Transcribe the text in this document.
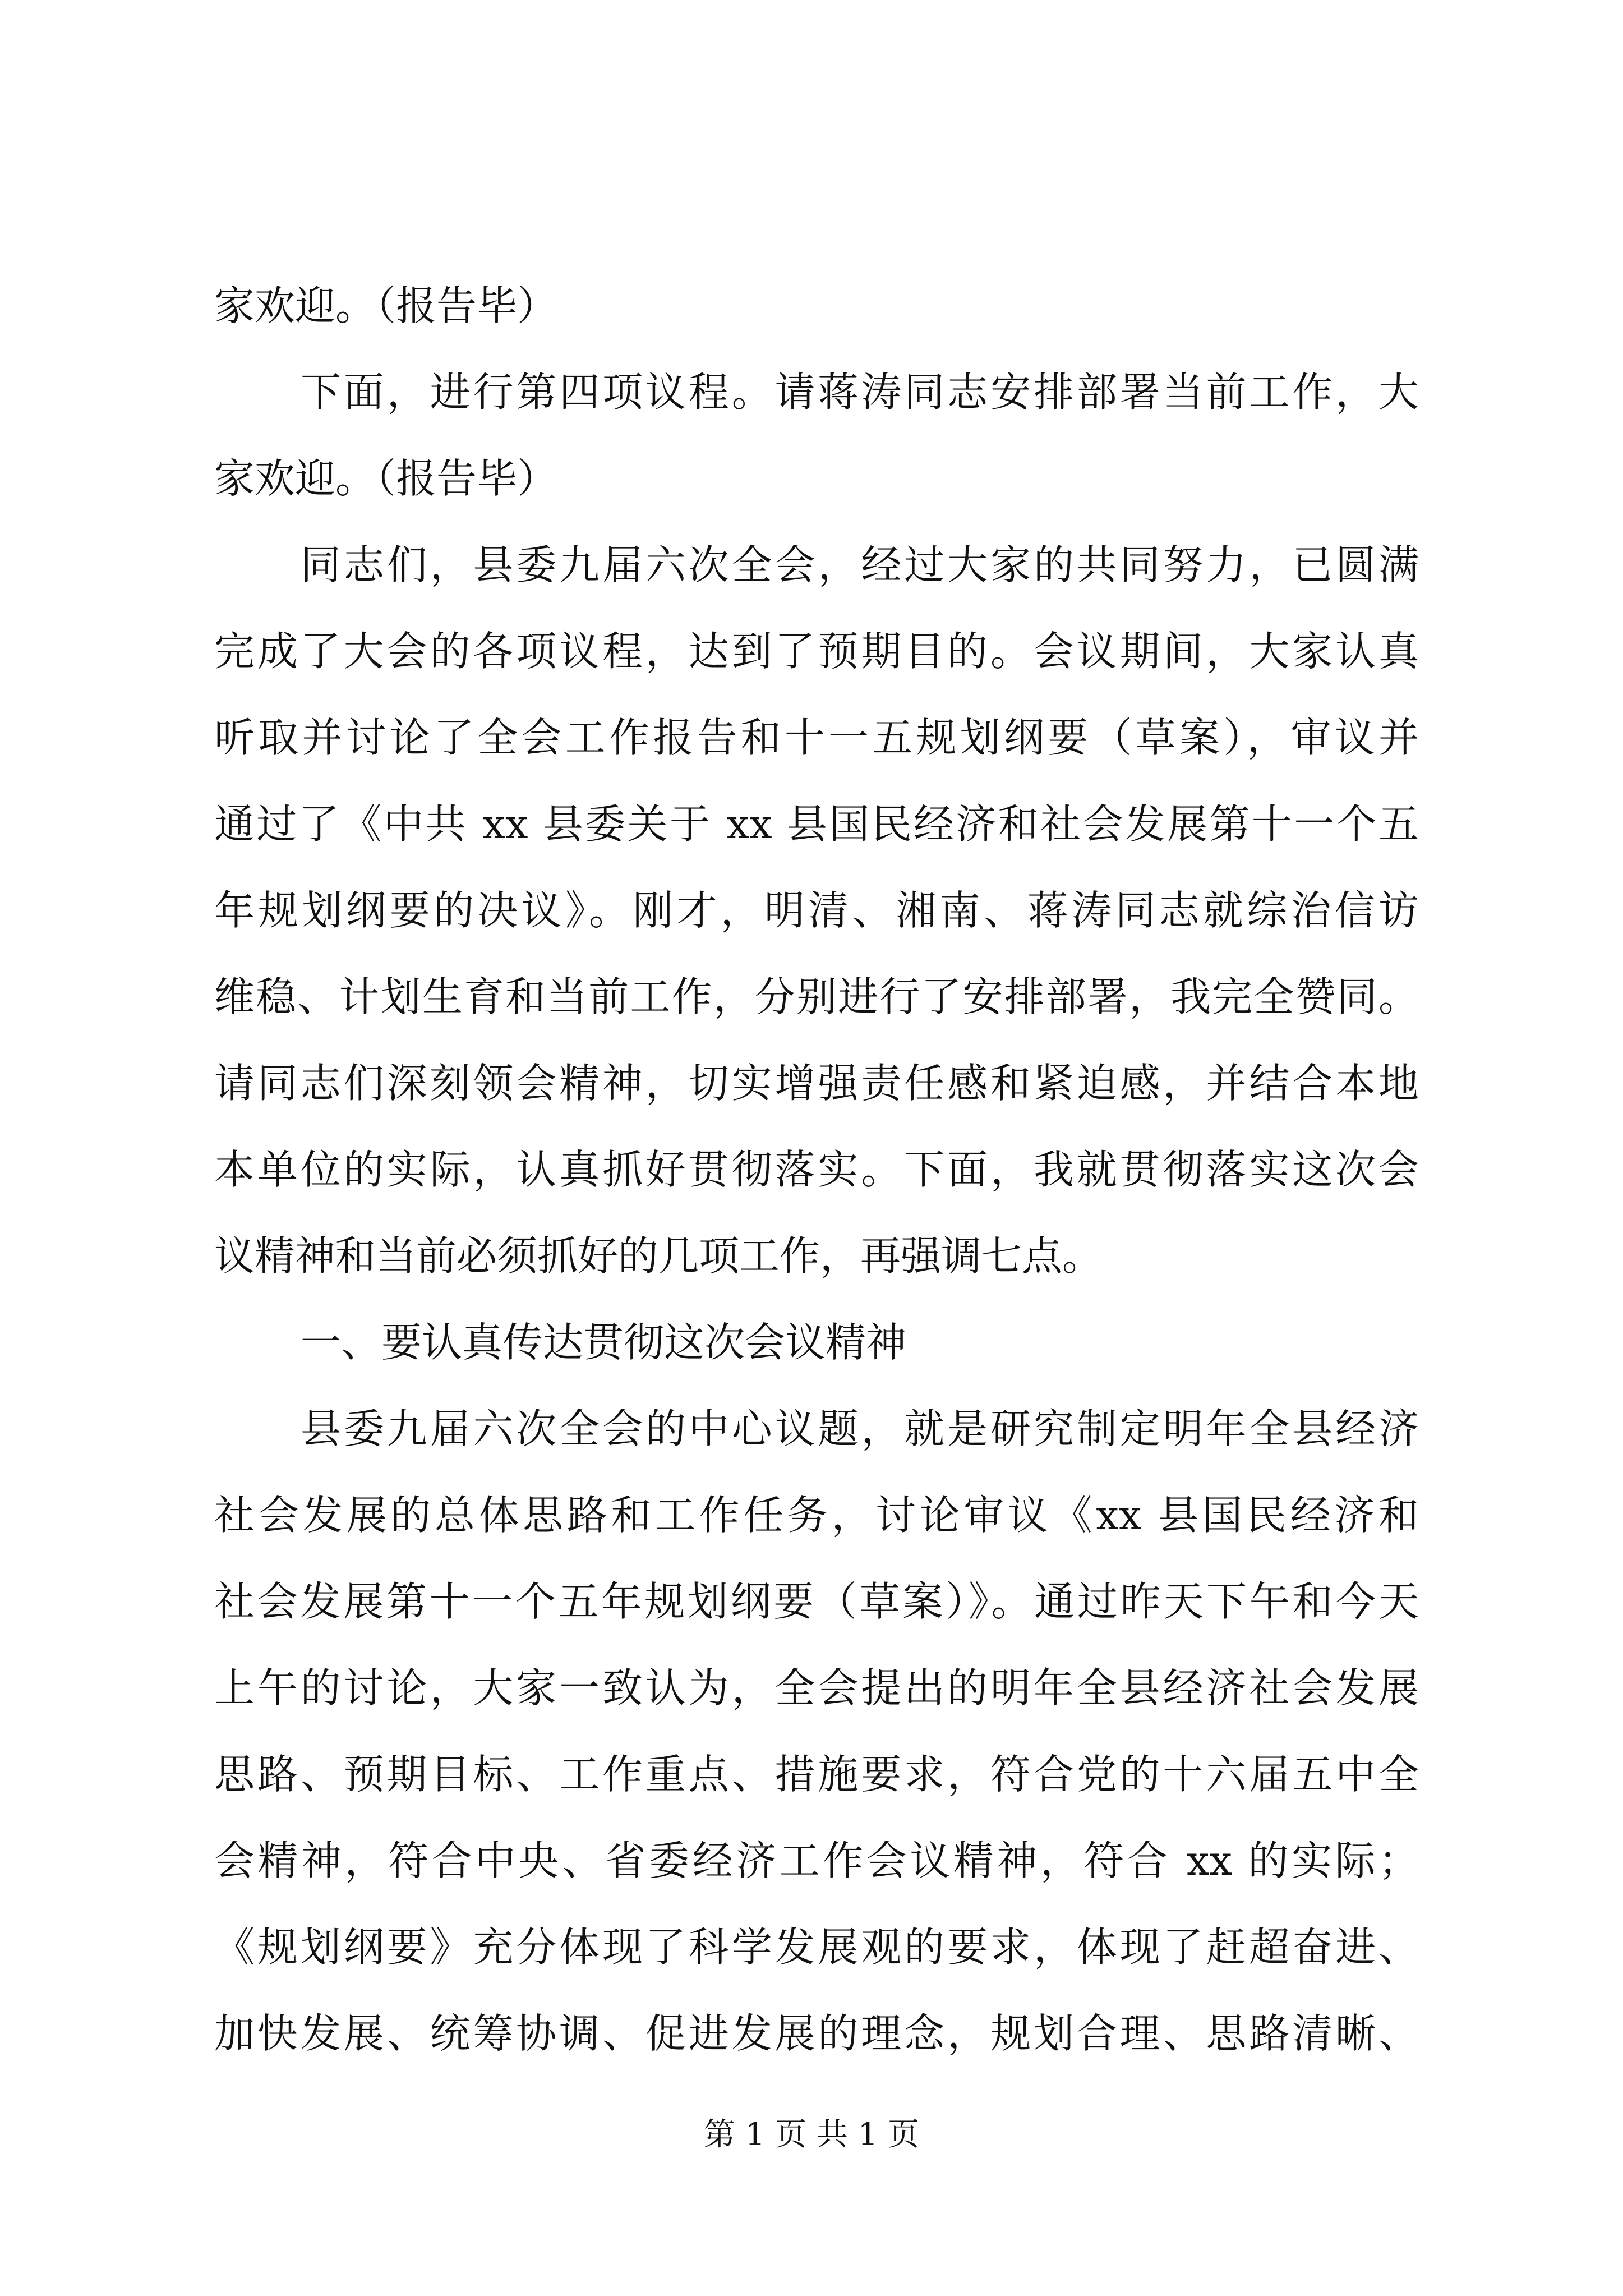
家欢迎。（报告毕）
下面，进行第四项议程。请蒋涛同志安排部署当前工作，大
家欢迎。（报告毕）
同志们，县委九届六次全会，经过大家的共同努力，已圆满
完成了大会的各项议程，达到了预期目的。会议期间，大家认真
听取并讨论了全会工作报告和十一五规划纲要（草案），审议并
通过了《中共 xx 县委关于 xx 县国民经济和社会发展第十一个五
年规划纲要的决议》。刚才，明清、湘南、蒋涛同志就综治信访
维稳、计划生育和当前工作，分别进行了安排部署，我完全赞同。
请同志们深刻领会精神，切实增强责任感和紧迫感，并结合本地
本单位的实际，认真抓好贯彻落实。下面，我就贯彻落实这次会
议精神和当前必须抓好的几项工作，再强调七点。
一、要认真传达贯彻这次会议精神
县委九届六次全会的中心议题，就是研究制定明年全县经济
社会发展的总体思路和工作任务，讨论审议《xx 县国民经济和
社会发展第十一个五年规划纲要（草案）》。通过昨天下午和今天
上午的讨论，大家一致认为，全会提出的明年全县经济社会发展
思路、预期目标、工作重点、措施要求，符合党的十六届五中全
会精神，符合中央、省委经济工作会议精神，符合 xx 的实际；
《规划纲要》充分体现了科学发展观的要求，体现了赶超奋进、
加快发展、统筹协调、促进发展的理念，规划合理、思路清晰、
第 1 页 共 1 页
